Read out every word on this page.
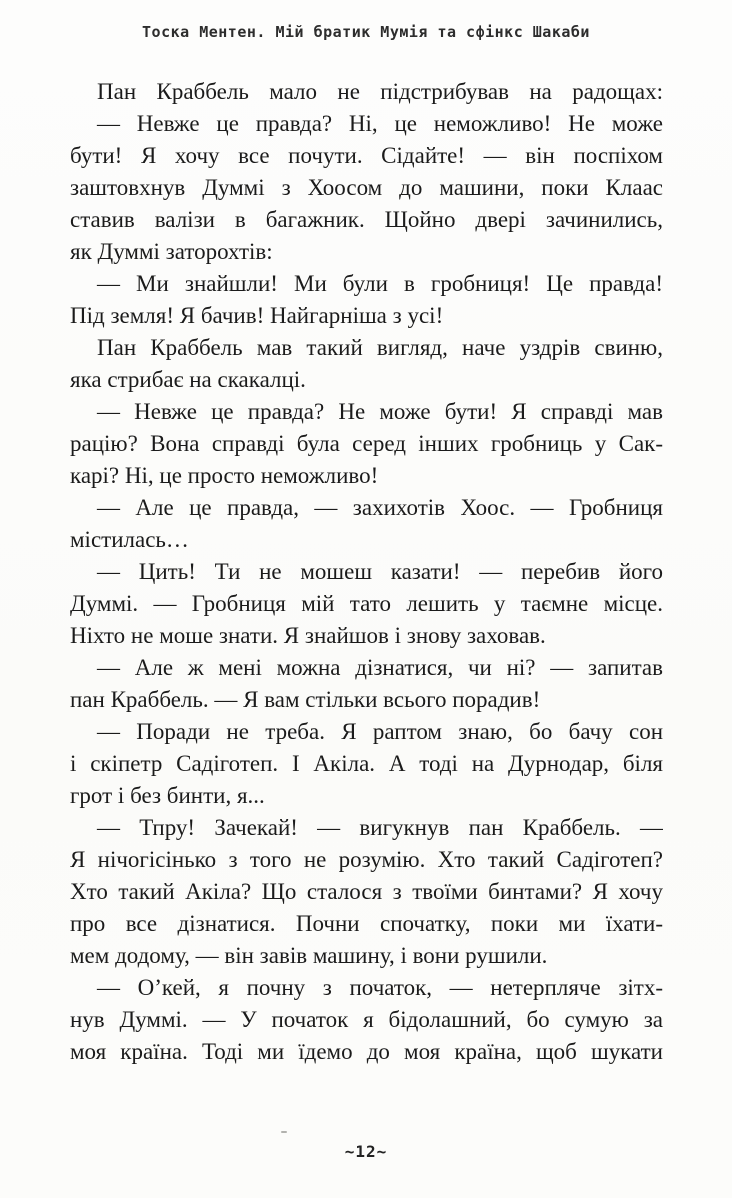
Тоска Ментен. Мій братик Мумія та сфінкс Шакаби
Пан Краббель мало не підстрибував на радощах:
— Невже це правда? Ні, це неможливо! Не може
бути! Я хочу все почути. Сідайте! — він поспіхом
заштовхнув Думмі з Хоосом до машини, поки Клаас
ставив валізи в багажник. Щойно двері зачинились,
як Думмі заторохтів:
— Ми знайшли! Ми були в гробниця! Це правда!
Під земля! Я бачив! Найгарніша з усі!
Пан Краббель мав такий вигляд, наче уздрів свиню,
яка стрибає на скакалці.
— Невже це правда? Не може бути! Я справді мав
рацію? Вона справді була серед інших гробниць у Сак-
карі? Ні, це просто неможливо!
— Але це правда, — захихотів Хоос. — Гробниця
містилась…
— Цить! Ти не мошеш казати! — перебив його
Думмі. — Гробниця мій тато лешить у таємне місце.
Ніхто не моше знати. Я знайшов і знову заховав.
— Але ж мені можна дізнатися, чи ні? — запитав
пан Краббель. — Я вам стільки всього порадив!
— Поради не треба. Я раптом знаю, бо бачу сон
і скіпетр Садіготеп. І Акіла. А тоді на Дурнодар, біля
грот і без бинти, я...
— Тпру! Зачекай! — вигукнув пан Краббель. —
Я нічогісінько з того не розумію. Хто такий Садіготеп?
Хто такий Акіла? Що сталося з твоїми бинтами? Я хочу
про все дізнатися. Почни спочатку, поки ми їхати-
мем додому, — він завів машину, і вони рушили.
— О’кей, я почну з початок, — нетерпляче зітх-
нув Думмі. — У початок я бідолашний, бо сумую за
моя країна. Тоді ми їдемо до моя країна, щоб шукати
~12~
